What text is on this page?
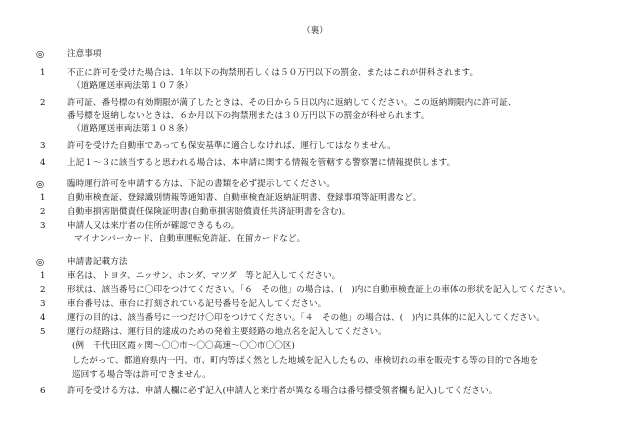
（裏）
◎	注意事項
1 不正に許可を受けた場合は、1年以下の拘禁刑若しくは５０万円以下の罰金、またはこれが併科されます。
（道路運送車両法第１０７条）
2 許可証、番号標の有効期限が満了したときは、その日から５日以内に返納してください。この返納期限内に許可証、
番号標を返納しないときは、６か月以下の拘禁刑または３０万円以下の罰金が科せられます。
（道路運送車両法第１０８条）
3 許可を受けた自動車であっても保安基準に適合しなければ、運行してはなりません。
4 上記１～３に該当すると思われる場合は、本申請に関する情報を管轄する警察署に情報提供します。
◎	臨時運行許可を申請する方は、下記の書類を必ず提示してください。
1 自動車検査証、登録識別情報等通知書、自動車検査証返納証明書、登録事項等証明書など。
2 自動車損害賠償責任保険証明書(自動車損害賠償責任共済証明書を含む)。
3 申請人又は来庁者の住所が確認できるもの。
マイナンバーカード、自動車運転免許証、在留カードなど。
◎	申請書記載方法
1 車名は、トヨタ、ニッサン、ホンダ、マツダ　等と記入してください。
2 形状は、該当番号に〇印をつけてください。「６　その他」の場合は、(　)内に自動車検査証上の車体の形状を記入してください。
3 車台番号は、車台に打刻されている記号番号を記入してください。
4 運行の目的は、該当番号に一つだけ〇印をつけてください。「４　その他」の場合は、(　)内に具体的に記入してください。
5 運行の経路は、運行目的達成のための発着主要経路の地点名を記入してください。
(例　千代田区霞ヶ関～〇〇市～〇〇高速～〇〇市〇〇区)
したがって、都道府県内一円、市、町内等ばく然とした地域を記入したもの、車検切れの車を販売する等の目的で各地を
巡回する場合等は許可できません。
6 許可を受ける方は、申請人欄に必ず記入(申請人と来庁者が異なる場合は番号標受領者欄も記入)してください。
